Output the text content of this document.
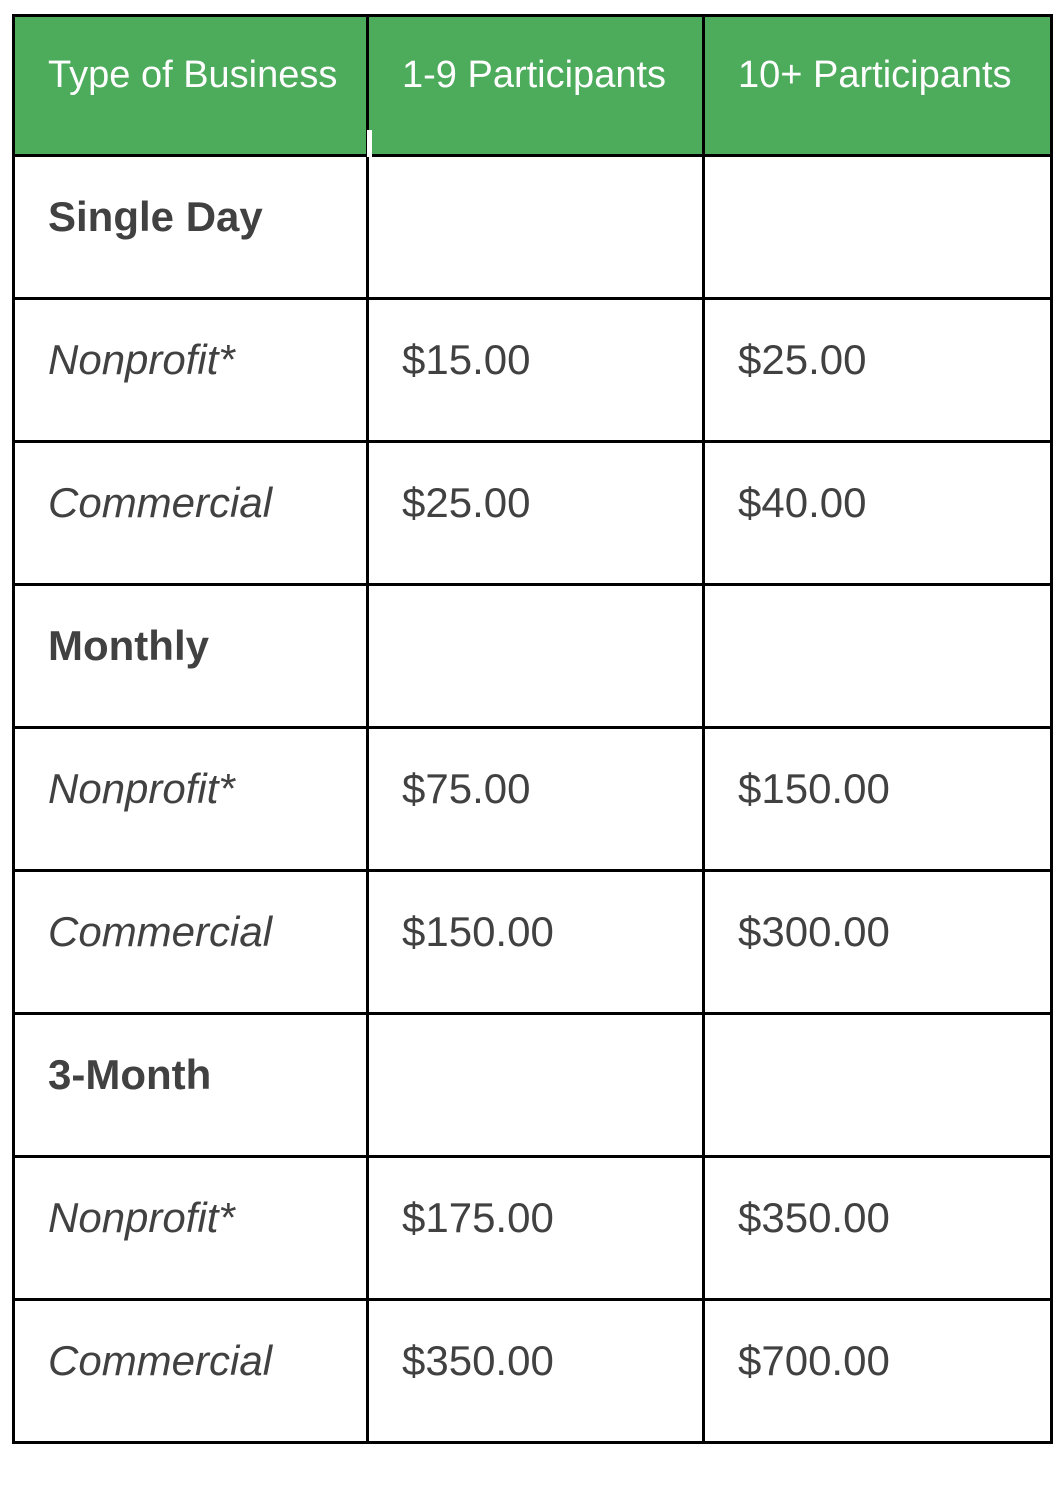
Type of Business	1-9 Participants	10+ Participants
Single Day		
Nonprofit*	$15.00	$25.00
Commercial	$25.00	$40.00
Monthly		
Nonprofit*	$75.00	$150.00
Commercial	$150.00	$300.00
3-Month		
Nonprofit*	$175.00	$350.00
Commercial	$350.00	$700.00
